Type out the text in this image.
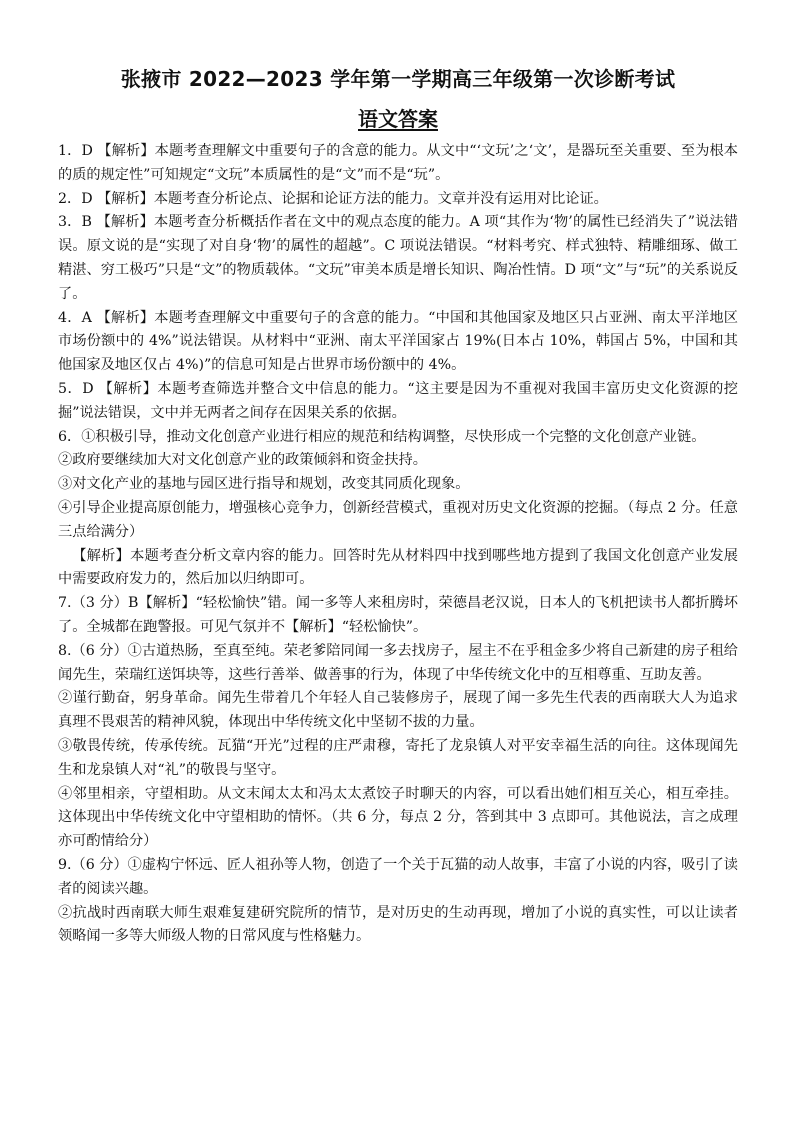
张掖市 2022—2023 学年第一学期高三年级第一次诊断考试
语文答案

1．D 【解析】本题考查理解文中重要句子的含意的能力。从文中“‘文玩’之‘文’，是器玩至关重要、至为根本的质的规定性”可知规定“文玩”本质属性的是“文”而不是“玩”。

2．D 【解析】本题考查分析论点、论据和论证方法的能力。文章并没有运用对比论证。

3．B 【解析】本题考查分析概括作者在文中的观点态度的能力。A 项“其作为‘物’的属性已经消失了”说法错误。原文说的是“实现了对自身‘物’的属性的超越”。C 项说法错误。“材料考究、样式独特、精雕细琢、做工精湛、穷工极巧”只是“文”的物质载体。“文玩”审美本质是增长知识、陶冶性情。D 项“文”与“玩”的关系说反了。

4．A 【解析】本题考查理解文中重要句子的含意的能力。“中国和其他国家及地区只占亚洲、南太平洋地区市场份额中的 4%”说法错误。从材料中“亚洲、南太平洋国家占 19%(日本占 10%，韩国占 5%，中国和其他国家及地区仅占 4%)”的信息可知是占世界市场份额中的 4%。

5．D 【解析】本题考查筛选并整合文中信息的能力。“这主要是因为不重视对我国丰富历史文化资源的挖掘”说法错误，文中并无两者之间存在因果关系的依据。

6．①积极引导，推动文化创意产业进行相应的规范和结构调整，尽快形成一个完整的文化创意产业链。

②政府要继续加大对文化创意产业的政策倾斜和资金扶持。

③对文化产业的基地与园区进行指导和规划，改变其同质化现象。

④引导企业提高原创能力，增强核心竞争力，创新经营模式，重视对历史文化资源的挖掘。（每点 2 分。任意三点给满分）

【解析】本题考查分析文章内容的能力。回答时先从材料四中找到哪些地方提到了我国文化创意产业发展中需要政府发力的，然后加以归纳即可。

7.（3 分）B【解析】“轻松愉快”错。闻一多等人来租房时，荣德昌老汉说，日本人的飞机把读书人都折腾坏了。全城都在跑警报。可见气氛并不【解析】“轻松愉快”。

8.（6 分）①古道热肠，至真至纯。荣老爹陪同闻一多去找房子，屋主不在乎租金多少将自己新建的房子租给闻先生，荣瑞红送饵块等，这些行善举、做善事的行为，体现了中华传统文化中的互相尊重、互助友善。

②谨行勤奋，躬身革命。闻先生带着几个年轻人自己装修房子，展现了闻一多先生代表的西南联大人为追求真理不畏艰苦的精神风貌，体现出中华传统文化中坚韧不拔的力量。

③敬畏传统，传承传统。瓦猫“开光”过程的庄严肃穆，寄托了龙泉镇人对平安幸福生活的向往。这体现闻先生和龙泉镇人对“礼”的敬畏与坚守。

④邻里相亲，守望相助。从文末闻太太和冯太太煮饺子时聊天的内容，可以看出她们相互关心，相互牵挂。这体现出中华传统文化中守望相助的情怀。（共 6 分，每点 2 分，答到其中 3 点即可。其他说法，言之成理亦可酌情给分）

9.（6 分）①虚构宁怀远、匠人祖孙等人物，创造了一个关于瓦猫的动人故事，丰富了小说的内容，吸引了读者的阅读兴趣。

②抗战时西南联大师生艰难复建研究院所的情节，是对历史的生动再现，增加了小说的真实性，可以让读者领略闻一多等大师级人物的日常风度与性格魅力。
